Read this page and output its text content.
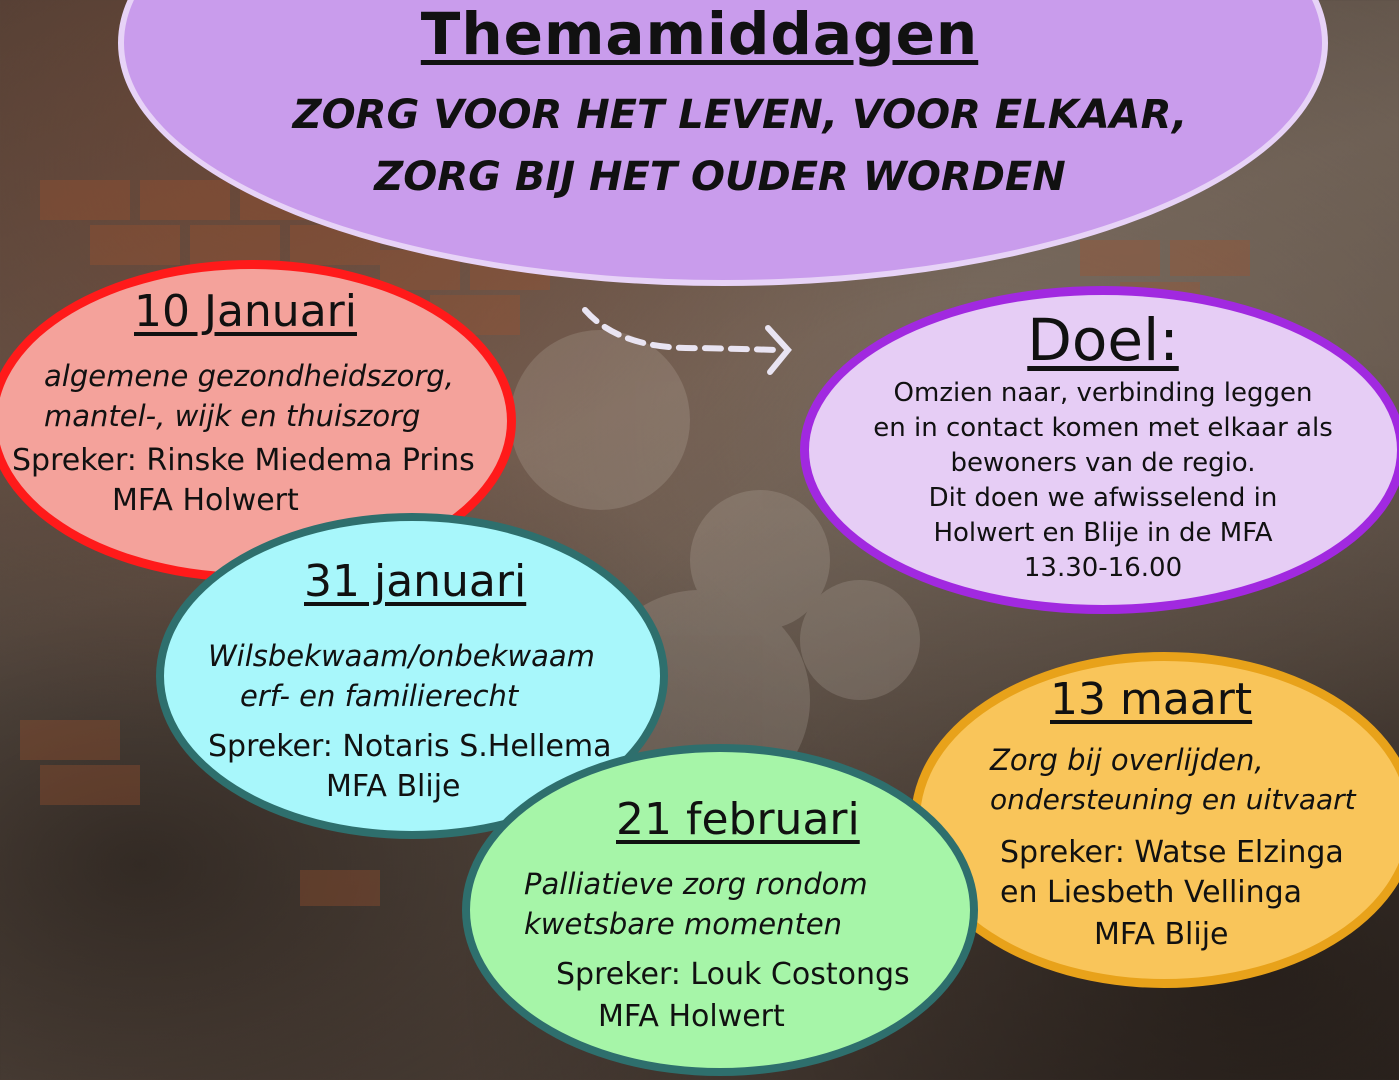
Themamiddagen
ZORG VOOR HET LEVEN, VOOR ELKAAR,
ZORG BIJ HET OUDER WORDEN
10 Januari
algemene gezondheidszorg,
mantel-, wijk en thuiszorg
Spreker: Rinske Miedema Prins
MFA Holwert
Doel:
Omzien naar, verbinding leggen
en in contact komen met elkaar als
bewoners van de regio.
Dit doen we afwisselend in
Holwert en Blije in de MFA
13.30-16.00
31 januari
Wilsbekwaam/onbekwaam
erf- en familierecht
Spreker: Notaris S.Hellema
MFA Blije
13 maart
Zorg bij overlijden,
ondersteuning en uitvaart
Spreker: Watse Elzinga
en Liesbeth Vellinga
MFA Blije
21 februari
Palliatieve zorg rondom
kwetsbare momenten
Spreker: Louk Costongs
MFA Holwert
